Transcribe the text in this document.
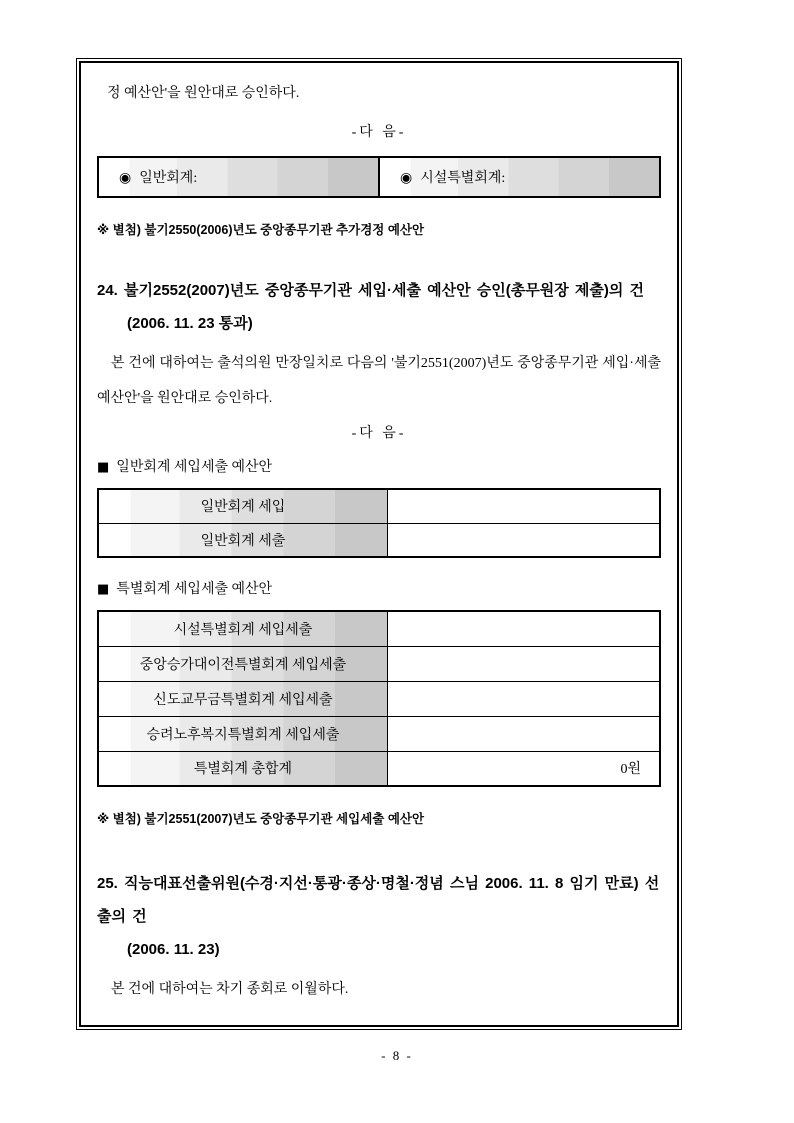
정 예산안'을 원안대로 승인하다.

-다 음-

◉ 일반회계:	◉ 시설특별회계:

※ 별첨) 불기2550(2006)년도 중앙종무기관 추가경정 예산안

24. 불기2552(2007)년도 중앙종무기관 세입·세출 예산안 승인(총무원장 제출)의 건

(2006. 11. 23 통과)

본 건에 대하여는 출석의원 만장일치로 다음의 '불기2551(2007)년도 중앙종무기관 세입·세출 예산안'을 원안대로 승인하다.

-다 음-

■ 일반회계 세입세출 예산안

일반회계 세입	
일반회계 세출	

■ 특별회계 세입세출 예산안

시설특별회계 세입세출	
중앙승가대이전특별회계 세입세출	
신도교무금특별회계 세입세출	
승려노후복지특별회계 세입세출	
특별회계 총합계	0원

※ 별첨) 불기2551(2007)년도 중앙종무기관 세입세출 예산안

25. 직능대표선출위원(수경·지선·통광·종상·명철·정념 스님 2006. 11. 8 임기 만료) 선출의 건

(2006. 11. 23)

본 건에 대하여는 차기 종회로 이월하다.

- 8 -
